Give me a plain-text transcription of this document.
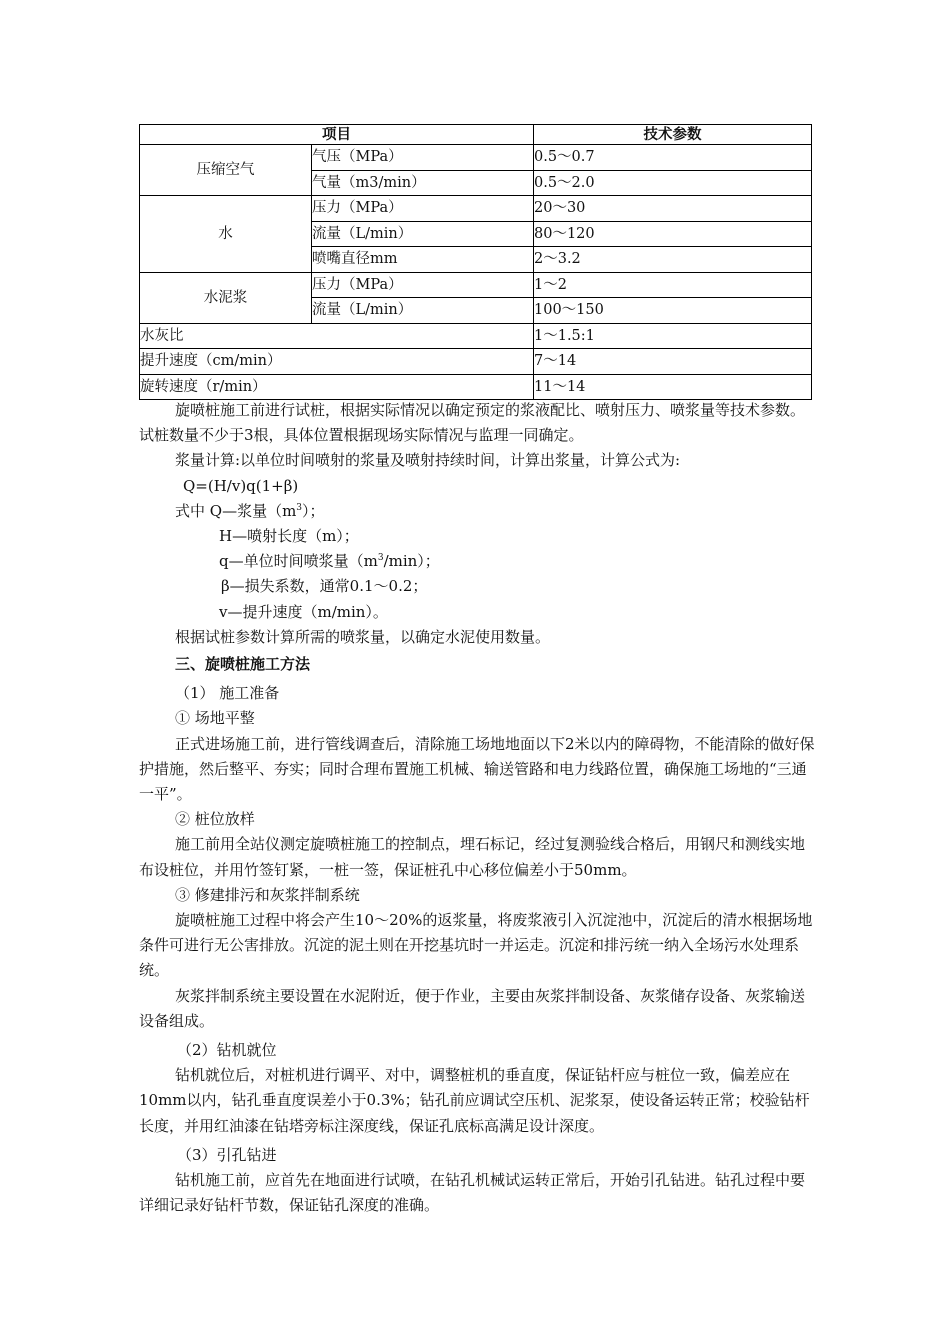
项目		技术参数
压缩空气	气压（MPa）	0.5～0.7
	气量（m3/min）	0.5～2.0
水	压力（MPa）	20～30
	流量（L/min）	80～120
	喷嘴直径mm	2～3.2
水泥浆	压力（MPa）	1～2
	流量（L/min）	100～150
水灰比		1～1.5:1
提升速度（cm/min）		7～14
旋转速度（r/min）		11～14

旋喷桩施工前进行试桩，根据实际情况以确定预定的浆液配比、喷射压力、喷浆量等技术参数。试桩数量不少于3根，具体位置根据现场实际情况与监理一同确定。

浆量计算:以单位时间喷射的浆量及喷射持续时间，计算出浆量，计算公式为:

Q=(H/v)q(1+β)

式中 Q—浆量$(m^3)$；

H—喷射长度（m）；

q—单位时间喷浆量$(m^3/\min)$；

β—损失系数，通常0.1～0.2；

v—提升速度（m/min）。

根据试桩参数计算所需的喷浆量，以确定水泥使用数量。

三、旋喷桩施工方法

（1） 施工准备

① 场地平整

正式进场施工前，进行管线调查后，清除施工场地地面以下2米以内的障碍物，不能清除的做好保护措施，然后整平、夯实；同时合理布置施工机械、输送管路和电力线路位置，确保施工场地的“三通一平”。

② 桩位放样

施工前用全站仪测定旋喷桩施工的控制点，埋石标记，经过复测验线合格后，用钢尺和测线实地布设桩位，并用竹签钉紧，一桩一签，保证桩孔中心移位偏差小于50mm。

③ 修建排污和灰浆拌制系统

旋喷桩施工过程中将会产生10～20%的返浆量，将废浆液引入沉淀池中，沉淀后的清水根据场地条件可进行无公害排放。沉淀的泥土则在开挖基坑时一并运走。沉淀和排污统一纳入全场污水处理系统。

灰浆拌制系统主要设置在水泥附近，便于作业，主要由灰浆拌制设备、灰浆储存设备、灰浆输送设备组成。

（2）钻机就位

钻机就位后，对桩机进行调平、对中，调整桩机的垂直度，保证钻杆应与桩位一致，偏差应在10mm以内，钻孔垂直度误差小于0.3%；钻孔前应调试空压机、泥浆泵，使设备运转正常；校验钻杆长度，并用红油漆在钻塔旁标注深度线，保证孔底标高满足设计深度。

（3）引孔钻进

钻机施工前，应首先在地面进行试喷，在钻孔机械试运转正常后，开始引孔钻进。钻孔过程中要详细记录好钻杆节数，保证钻孔深度的准确。
